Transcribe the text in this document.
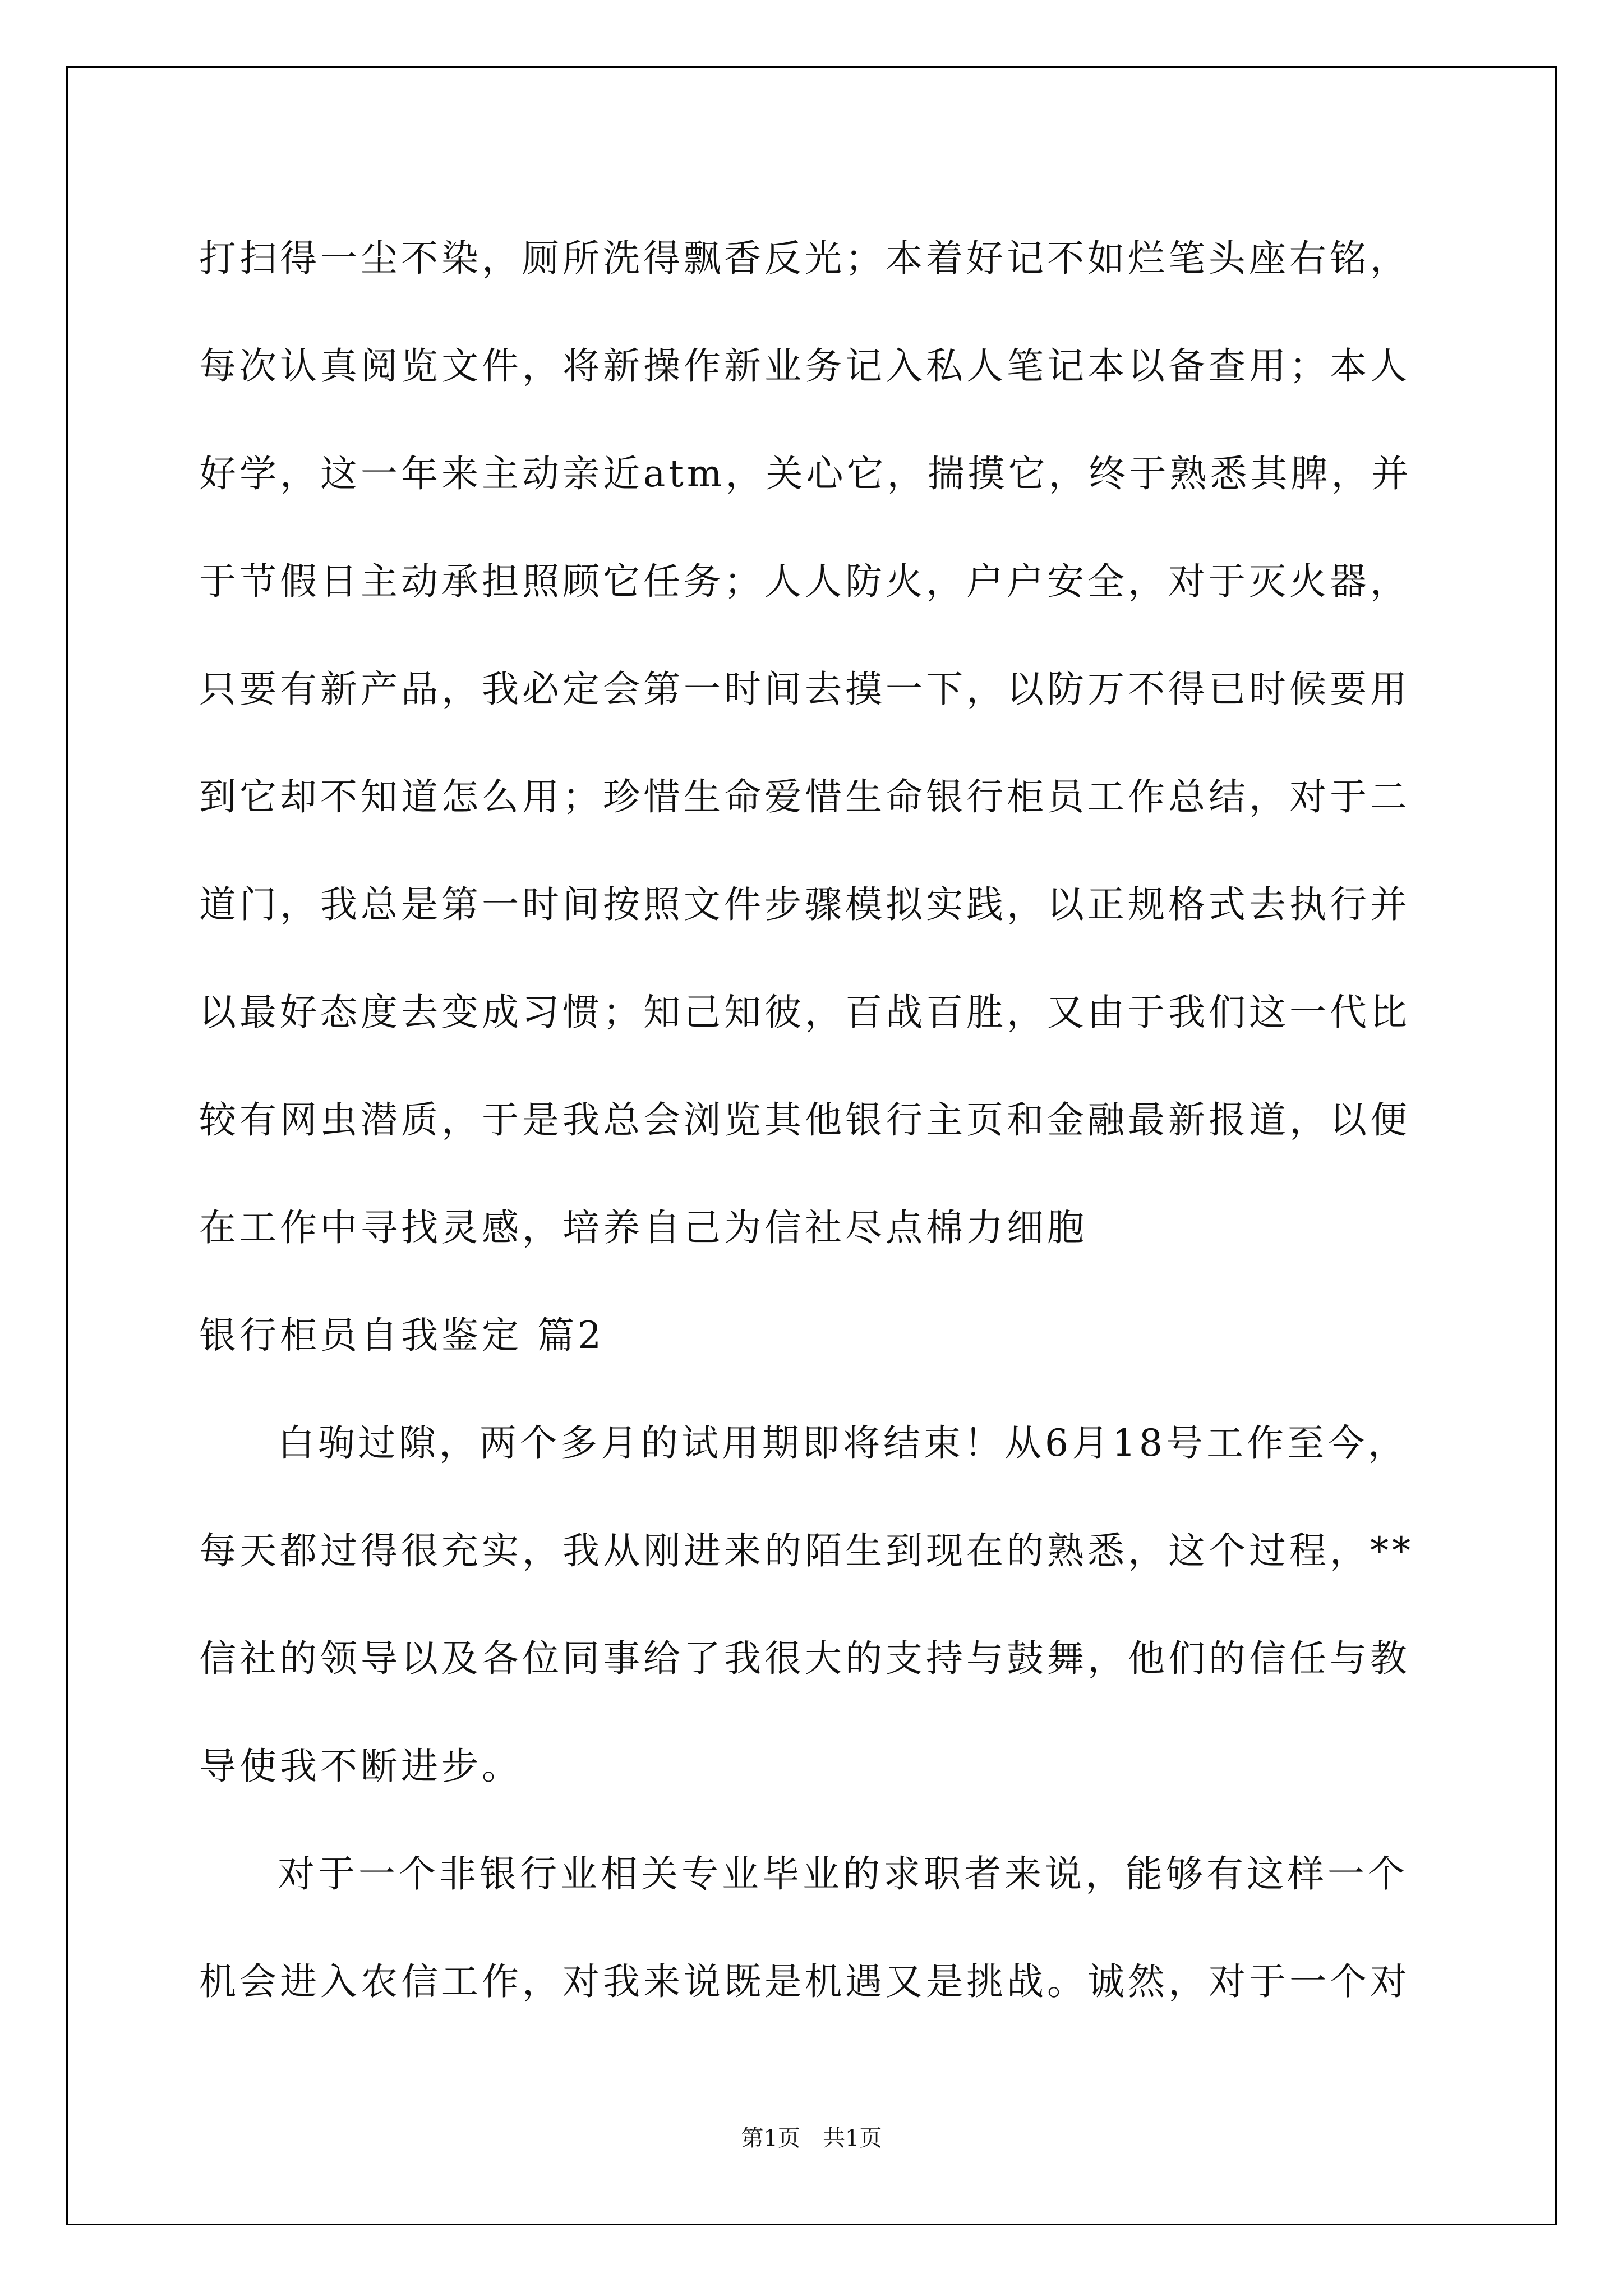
打扫得一尘不染，厕所洗得飘香反光；本着好记不如烂笔头座右铭，
每次认真阅览文件，将新操作新业务记入私人笔记本以备查用；本人
好学，这一年来主动亲近atm，关心它，揣摸它，终于熟悉其脾，并
于节假日主动承担照顾它任务；人人防火，户户安全，对于灭火器，
只要有新产品，我必定会第一时间去摸一下，以防万不得已时候要用
到它却不知道怎么用；珍惜生命爱惜生命银行柜员工作总结，对于二
道门，我总是第一时间按照文件步骤模拟实践，以正规格式去执行并
以最好态度去变成习惯；知己知彼，百战百胜，又由于我们这一代比
较有网虫潜质，于是我总会浏览其他银行主页和金融最新报道，以便
在工作中寻找灵感，培养自己为信社尽点棉力细胞
银行柜员自我鉴定 篇2
白驹过隙，两个多月的试用期即将结束！从6月18号工作至今，
每天都过得很充实，我从刚进来的陌生到现在的熟悉，这个过程，**
信社的领导以及各位同事给了我很大的支持与鼓舞，他们的信任与教
导使我不断进步。
对于一个非银行业相关专业毕业的求职者来说，能够有这样一个
机会进入农信工作，对我来说既是机遇又是挑战。诚然，对于一个对
第1页　共1页
